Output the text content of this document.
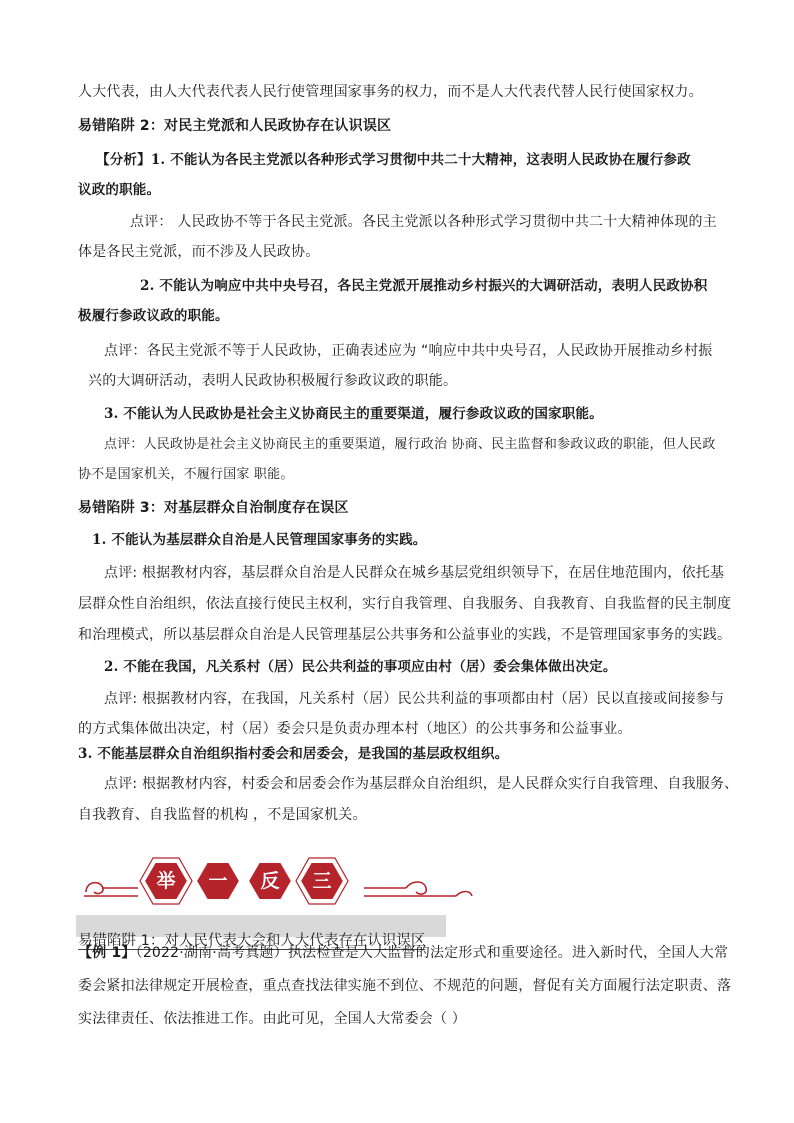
人大代表，由人大代表代表人民行使管理国家事务的权力，而不是人大代表代替人民行使国家权力。

易错陷阱 2：对民主党派和人民政协存在认识误区

【分析】1. 不能认为各民主党派以各种形式学习贯彻中共二十大精神，这表明人民政协在履行参政

议政的职能。

点评： 人民政协不等于各民主党派。各民主党派以各种形式学习贯彻中共二十大精神体现的主

体是各民主党派，而不涉及人民政协。

2. 不能认为响应中共中央号召，各民主党派开展推动乡村振兴的大调研活动，表明人民政协积

极履行参政议政的职能。

点评：各民主党派不等于人民政协，正确表述应为 “响应中共中央号召，人民政协开展推动乡村振

兴的大调研活动，表明人民政协积极履行参政议政的职能。

3. 不能认为人民政协是社会主义协商民主的重要渠道，履行参政议政的国家职能。

点评：人民政协是社会主义协商民主的重要渠道，履行政治 协商、民主监督和参政议政的职能，但人民政

协不是国家机关，不履行国家 职能。

易错陷阱 3：对基层群众自治制度存在误区

1. 不能认为基层群众自治是人民管理国家事务的实践。

点评: 根据教材内容，基层群众自治是人民群众在城乡基层党组织领导下，在居住地范围内，依托基

层群众性自治组织，依法直接行使民主权利，实行自我管理、自我服务、自我教育、自我监督的民主制度

和治理模式，所以基层群众自治是人民管理基层公共事务和公益事业的实践，不是管理国家事务的实践。

2. 不能在我国，凡关系村（居）民公共利益的事项应由村（居）委会集体做出决定。

点评: 根据教材内容，在我国，凡关系村（居）民公共利益的事项都由村（居）民以直接或间接参与

的方式集体做出决定，村（居）委会只是负责办理本村（地区）的公共事务和公益事业。

3. 不能基层群众自治组织指村委会和居委会，是我国的基层政权组织。

点评: 根据教材内容，村委会和居委会作为基层群众自治组织，是人民群众实行自我管理、自我服务、

自我教育、自我监督的机构 ，不是国家机关。

举	一	反	三

易错陷阱 1：对人民代表大会和人大代表存在认识误区

【例 1】（2022·湖南·高考真题）执法检查是人大监督的法定形式和重要途径。进入新时代，全国人大常

委会紧扣法律规定开展检查，重点查找法律实施不到位、不规范的问题，督促有关方面履行法定职责、落

实法律责任、依法推进工作。由此可见，全国人大常委会（ ）
